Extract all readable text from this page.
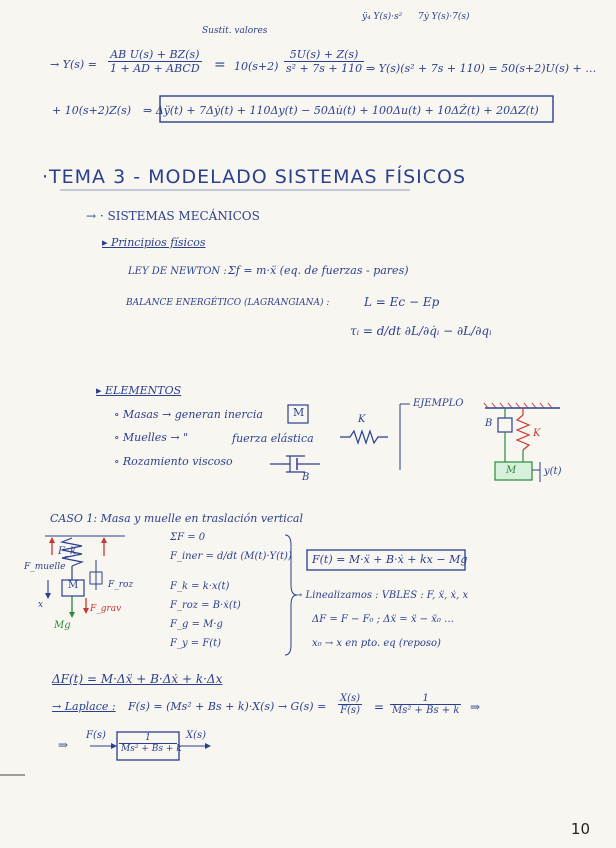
Sustit. valores
ÿ₄ Y(s)·s² 7ẏ Y(s)·7(s)
→ $Y(s) = \frac{\text{AB U(s) + BZ(s)}}{\text{1 + AD + ABCD}} = 10(s+2) \frac{5U(s) + Z(s)}{\text{s² + 7s + 110}}$ ⇒ Y(s)(s² + 7s + 110) = 50(s+2)U(s) + …
+ 10(s+2)Z(s) ⇒ Δÿ(t) + 7Δẏ(t) + 110Δy(t) − 50Δu̇(t) + 100Δu(t) + 10ΔŻ(t) + 20ΔZ(t)
·TEMA 3 - MODELADO SISTEMAS FÍSICOS
→ · SISTEMAS MECÁNICOS
▸ Principios físicos
LEY DE NEWTON : Σf = m·ẍ (eq. de fuerzas - pares)
BALANCE ENERGÉTICO (LAGRANGIANA) :	L = Ec − Ep
τᵢ = d/dt ∂L/∂q̇ᵢ − ∂L/∂qᵢ
▸ ELEMENTOS
∘ Masas → generan inercia	M
∘ Muelles → "	fuerza elástica
K
∘ Rozamiento viscoso
B
EJEMPLO
B
K
M	y(t)
CASO 1: Masa y muelle en traslación vertical
F_k
F_muelle
M	F_roz
x	F_grav
Mg
ΣF = 0
F_iner = d/dt (M(t)·Y(t))
F_k = k·x(t)
F_roz = B·ẋ(t)
F_g = M·g
F_y = F(t)
F(t) = M·ẍ + B·ẋ + kx − Mg
→ Linealizamos : VBLES : F, ẍ, ẋ, x
ΔF = F − F₀ ; Δẍ = ẍ − ẍ₀ …
x₀ → x en pto. eq (reposo)
ΔF(t) = M·Δẍ + B·Δẋ + k·Δx
→ Laplace : $F(s) = (Ms^2 + Bs + k)\cdot X(s) \to G(s) = \frac{X(s)}{F(s)} = \frac{1}{\text{Ms² + Bs + k}}$ ⇒
⇒
$F(s) \frac{1}{\text{Ms² + Bs + k}} X(s)$
10
